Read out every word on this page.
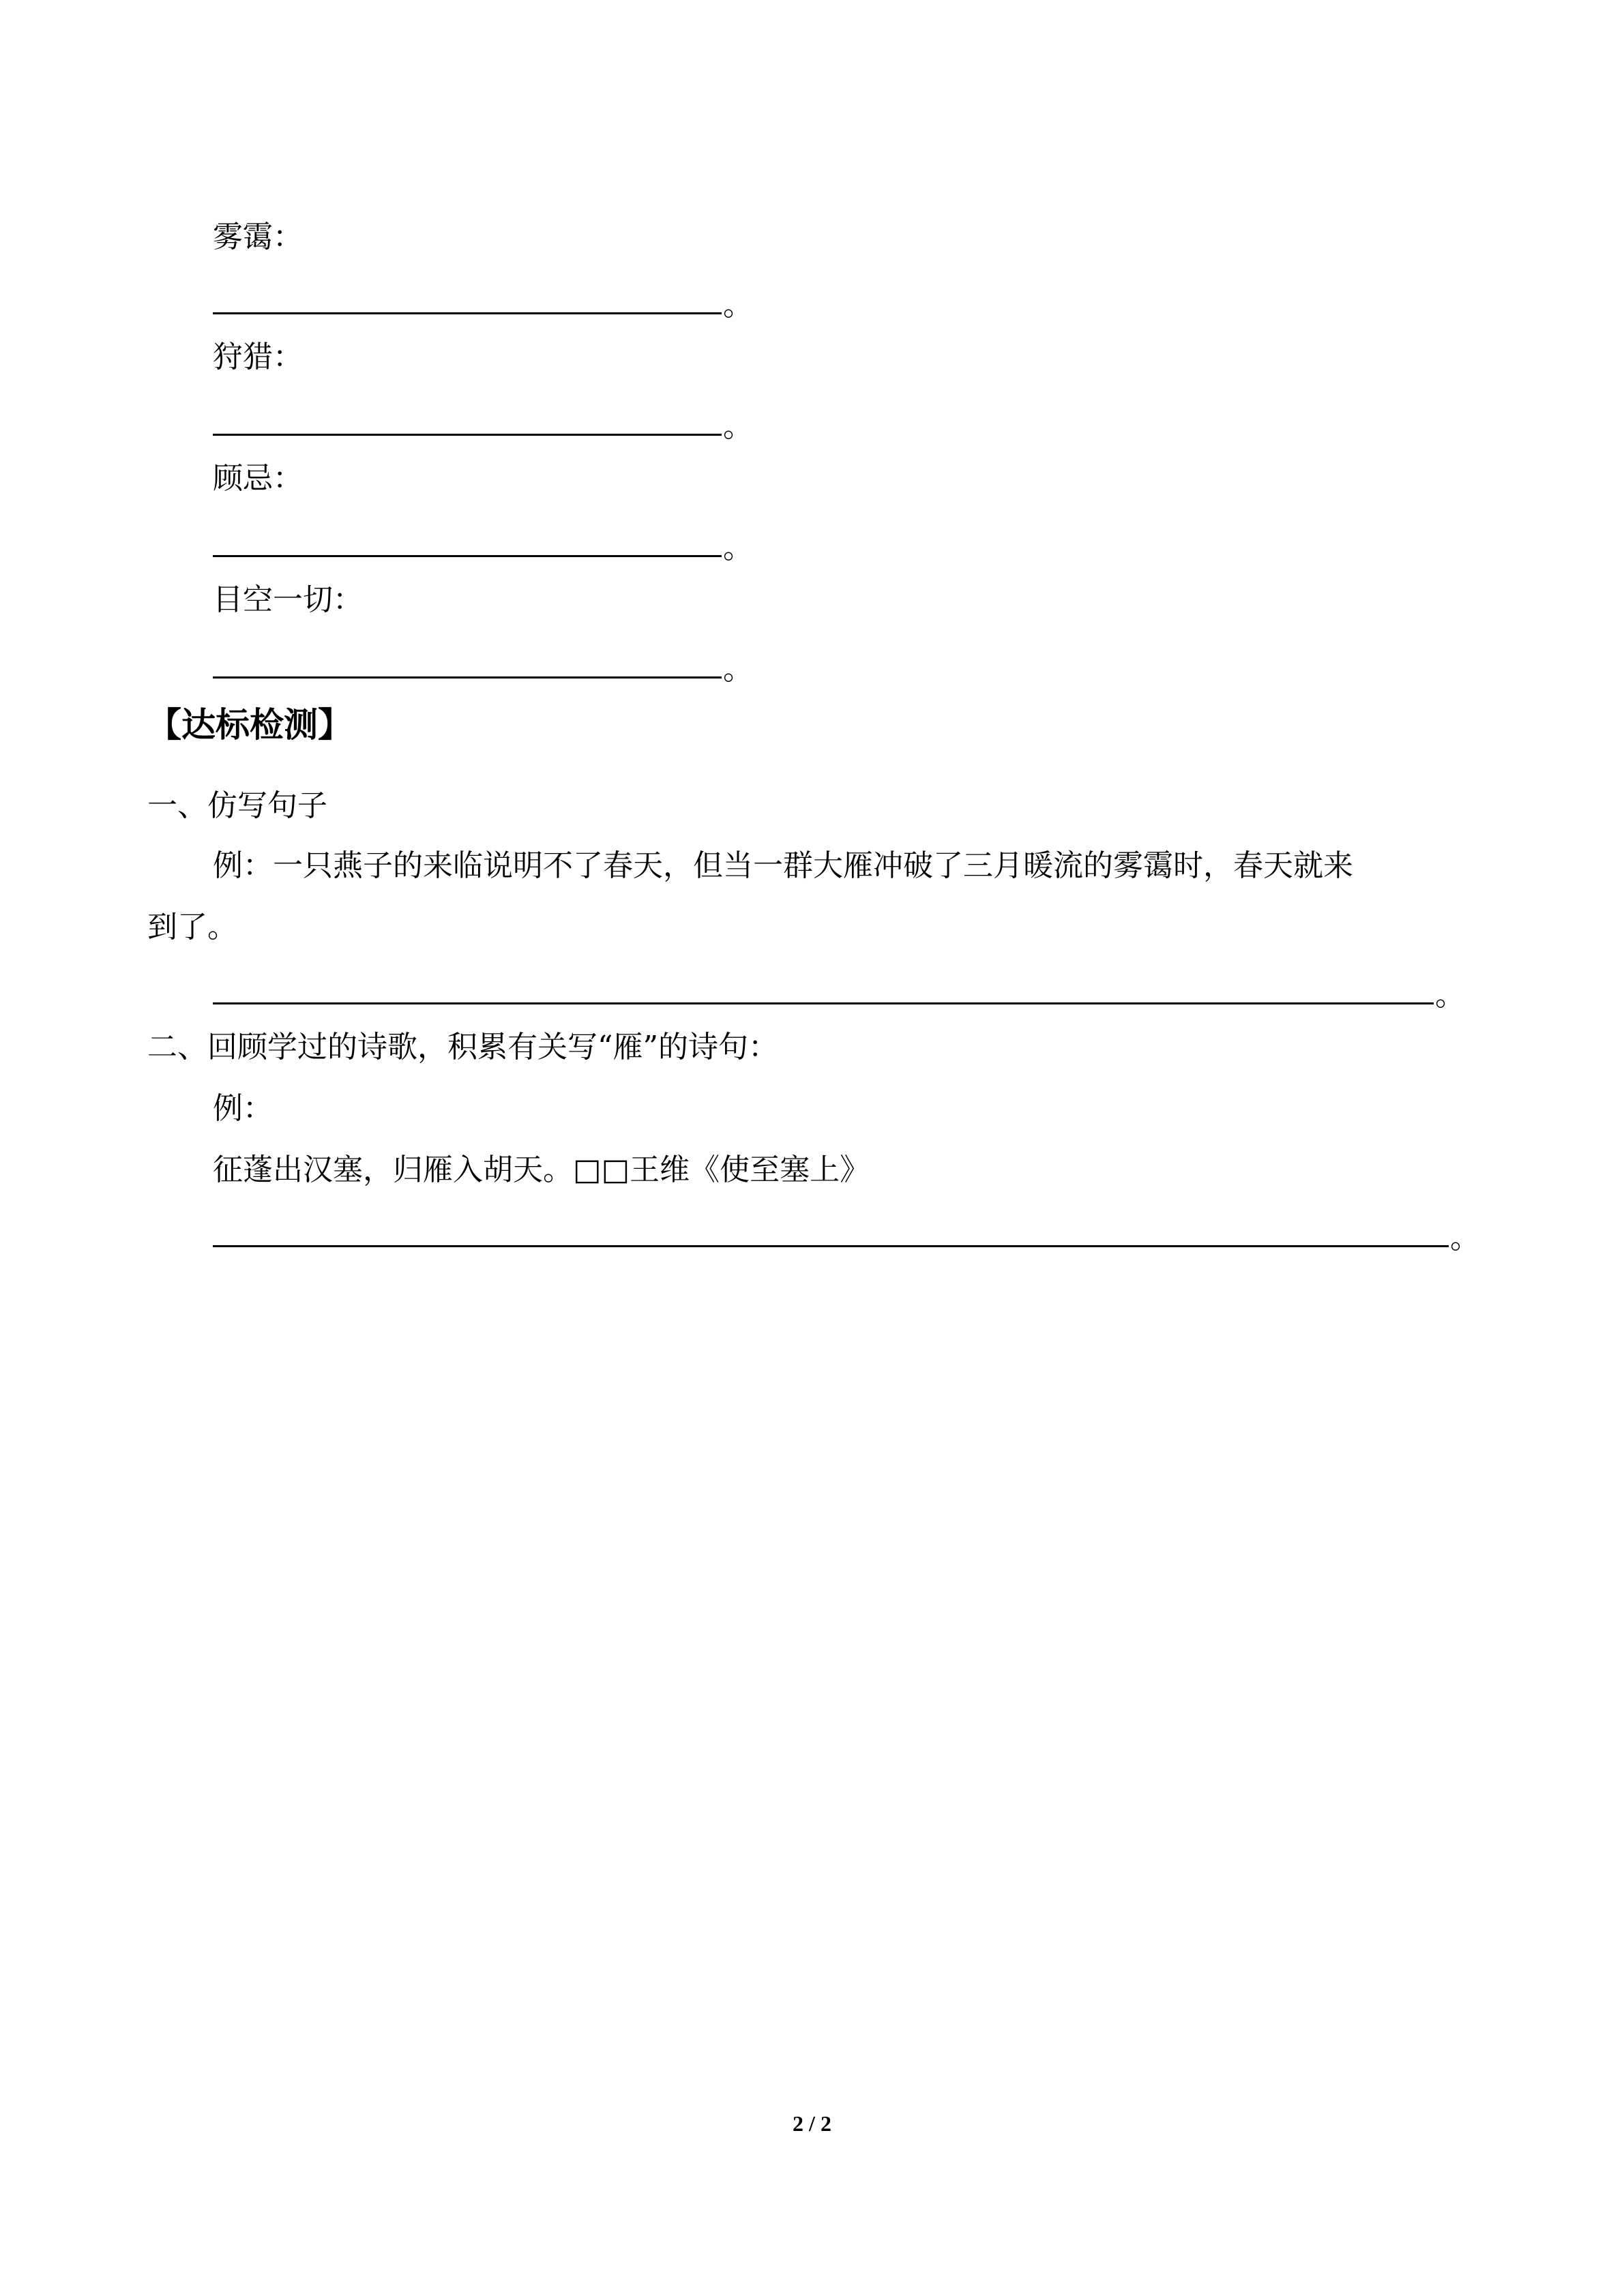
雾霭：
。
狩猎：
。
顾忌：
。
目空一切：
。
【达标检测】
一、仿写句子
例：一只燕子的来临说明不了春天，但当一群大雁冲破了三月暖流的雾霭时，春天就来
到了。
。
二、回顾学过的诗歌，积累有关写“雁”的诗句：
例：
征蓬出汉塞，归雁入胡天。□□王维《使至塞上》
。
2 / 2
